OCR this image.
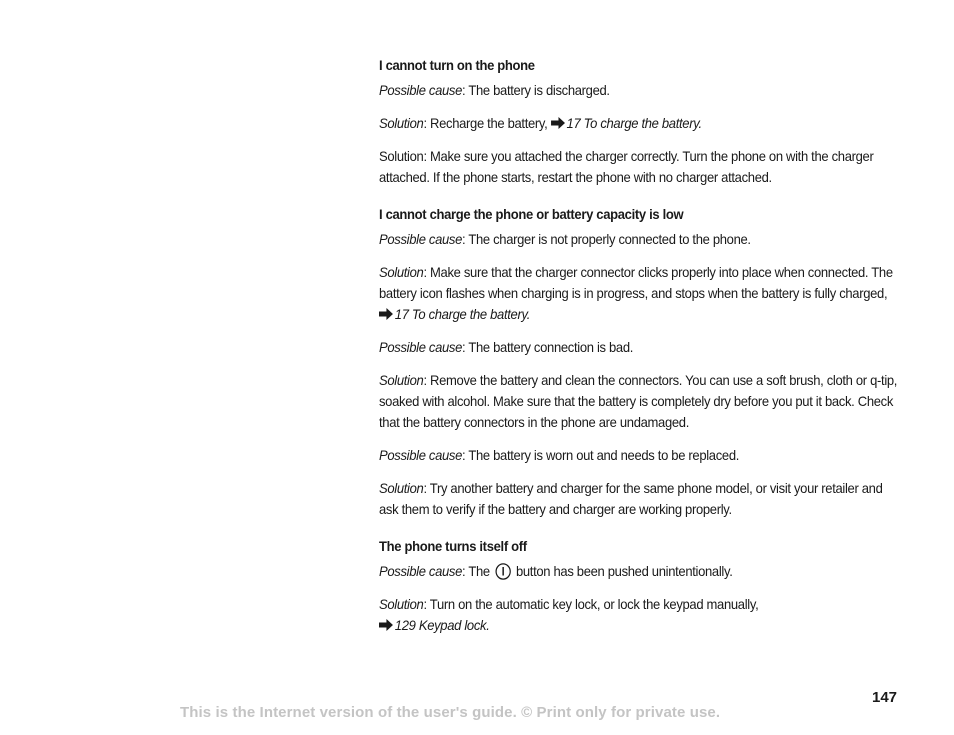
I cannot turn on the phone
Possible cause: The battery is discharged.
Solution: Recharge the battery, 17 To charge the battery.
Solution: Make sure you attached the charger correctly. Turn the phone on with the charger attached. If the phone starts, restart the phone with no charger attached.
I cannot charge the phone or battery capacity is low
Possible cause: The charger is not properly connected to the phone.
Solution: Make sure that the charger connector clicks properly into place when connected. The battery icon flashes when charging is in progress, and stops when the battery is fully charged, 17 To charge the battery.
Possible cause: The battery connection is bad.
Solution: Remove the battery and clean the connectors. You can use a soft brush, cloth or q-tip, soaked with alcohol. Make sure that the battery is completely dry before you put it back. Check that the battery connectors in the phone are undamaged.
Possible cause: The battery is worn out and needs to be replaced.
Solution: Try another battery and charger for the same phone model, or visit your retailer and ask them to verify if the battery and charger are working properly.
The phone turns itself off
Possible cause: The  button has been pushed unintentionally.
Solution: Turn on the automatic key lock, or lock the keypad manually,
129 Keypad lock.
147
This is the Internet version of the user's guide. © Print only for private use.
